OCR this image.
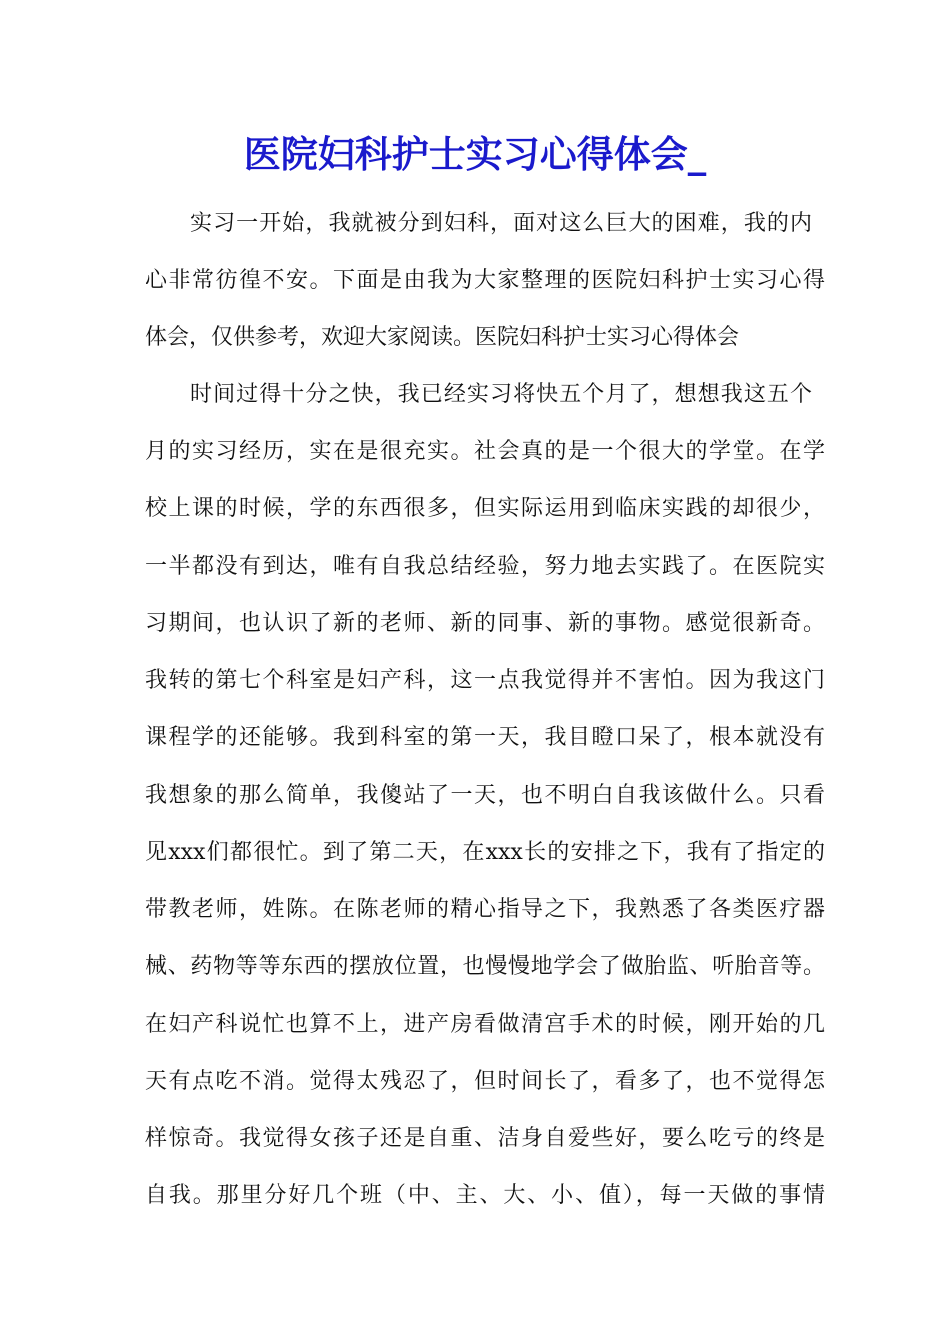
医院妇科护士实习心得体会_

实习一开始，我就被分到妇科，面对这么巨大的困难，我的内

心非常彷徨不安。下面是由我为大家整理的医院妇科护士实习心得

体会，仅供参考，欢迎大家阅读。医院妇科护士实习心得体会

时间过得十分之快，我已经实习将快五个月了，想想我这五个

月的实习经历，实在是很充实。社会真的是一个很大的学堂。在学

校上课的时候，学的东西很多，但实际运用到临床实践的却很少，

一半都没有到达，唯有自我总结经验，努力地去实践了。在医院实

习期间，也认识了新的老师、新的同事、新的事物。感觉很新奇。

我转的第七个科室是妇产科，这一点我觉得并不害怕。因为我这门

课程学的还能够。我到科室的第一天，我目瞪口呆了，根本就没有

我想象的那么简单，我傻站了一天，也不明白自我该做什么。只看

见xxx们都很忙。到了第二天，在xxx长的安排之下，我有了指定的

带教老师，姓陈。在陈老师的精心指导之下，我熟悉了各类医疗器

械、药物等等东西的摆放位置，也慢慢地学会了做胎监、听胎音等。

在妇产科说忙也算不上，进产房看做清宫手术的时候，刚开始的几

天有点吃不消。觉得太残忍了，但时间长了，看多了，也不觉得怎

样惊奇。我觉得女孩子还是自重、洁身自爱些好，要么吃亏的终是

自我。那里分好几个班（中、主、大、小、值），每一天做的事情
